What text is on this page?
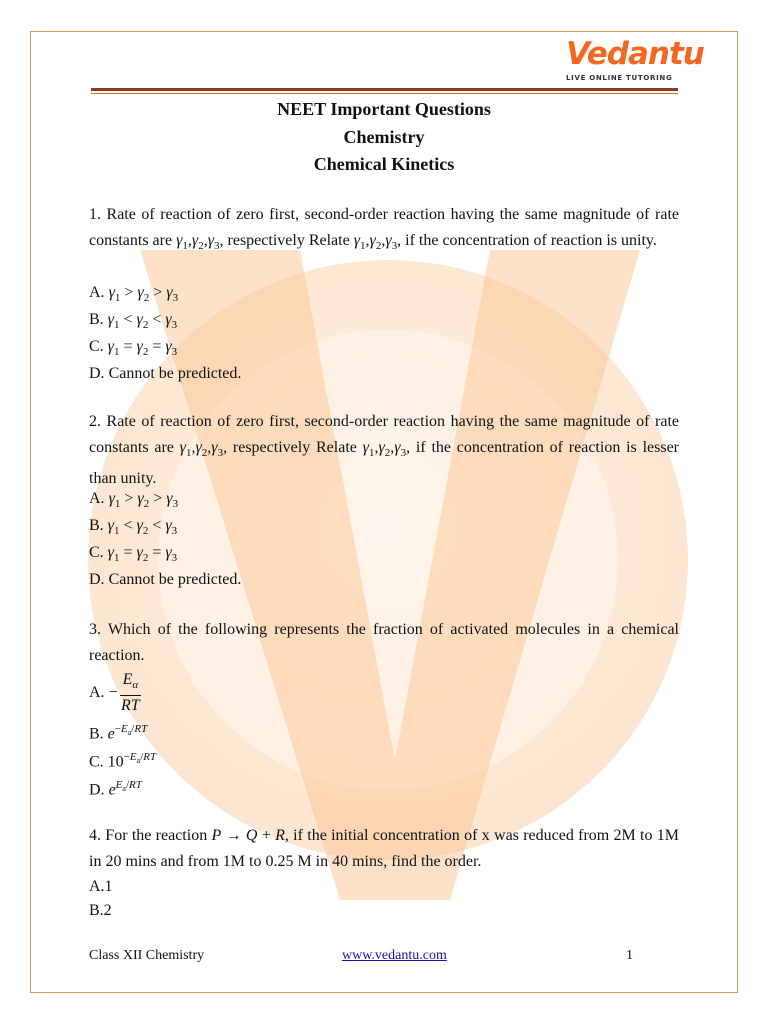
Vedantu
LIVE ONLINE TUTORING
NEET Important Questions
Chemistry
Chemical Kinetics
1. Rate of reaction of zero first, second-order reaction having the same magnitude of rate constants are $\gamma_1,\gamma_2,\gamma_3$, respectively Relate $\gamma_1,\gamma_2,\gamma_3$, if the concentration of reaction is unity.
A. $\gamma_1 > \gamma_2 > \gamma_3$
B. $\gamma_1 < \gamma_2 < \gamma_3$
C. $\gamma_1 = \gamma_2 = \gamma_3$
D. Cannot be predicted.
2. Rate of reaction of zero first, second-order reaction having the same magnitude of rate constants are $\gamma_1,\gamma_2,\gamma_3$, respectively Relate $\gamma_1,\gamma_2,\gamma_3$, if the concentration of reaction is lesser than unity.
A. $\gamma_1 > \gamma_2 > \gamma_3$
B. $\gamma_1 < \gamma_2 < \gamma_3$
C. $\gamma_1 = \gamma_2 = \gamma_3$
D. Cannot be predicted.
3. Which of the following represents the fraction of activated molecules in a chemical reaction.
A. − $\frac{E_\alpha}{RT}$
B. $e^{-E_a/RT}$
C. $10^{-E_a/RT}$
D. $e^{E_a/RT}$
4. For the reaction P → Q + R, if the initial concentration of x was reduced from 2M to 1M in 20 mins and from 1M to 0.25 M in 40 mins, find the order.
A.1
B.2
Class XII Chemistry	www.vedantu.com	1
